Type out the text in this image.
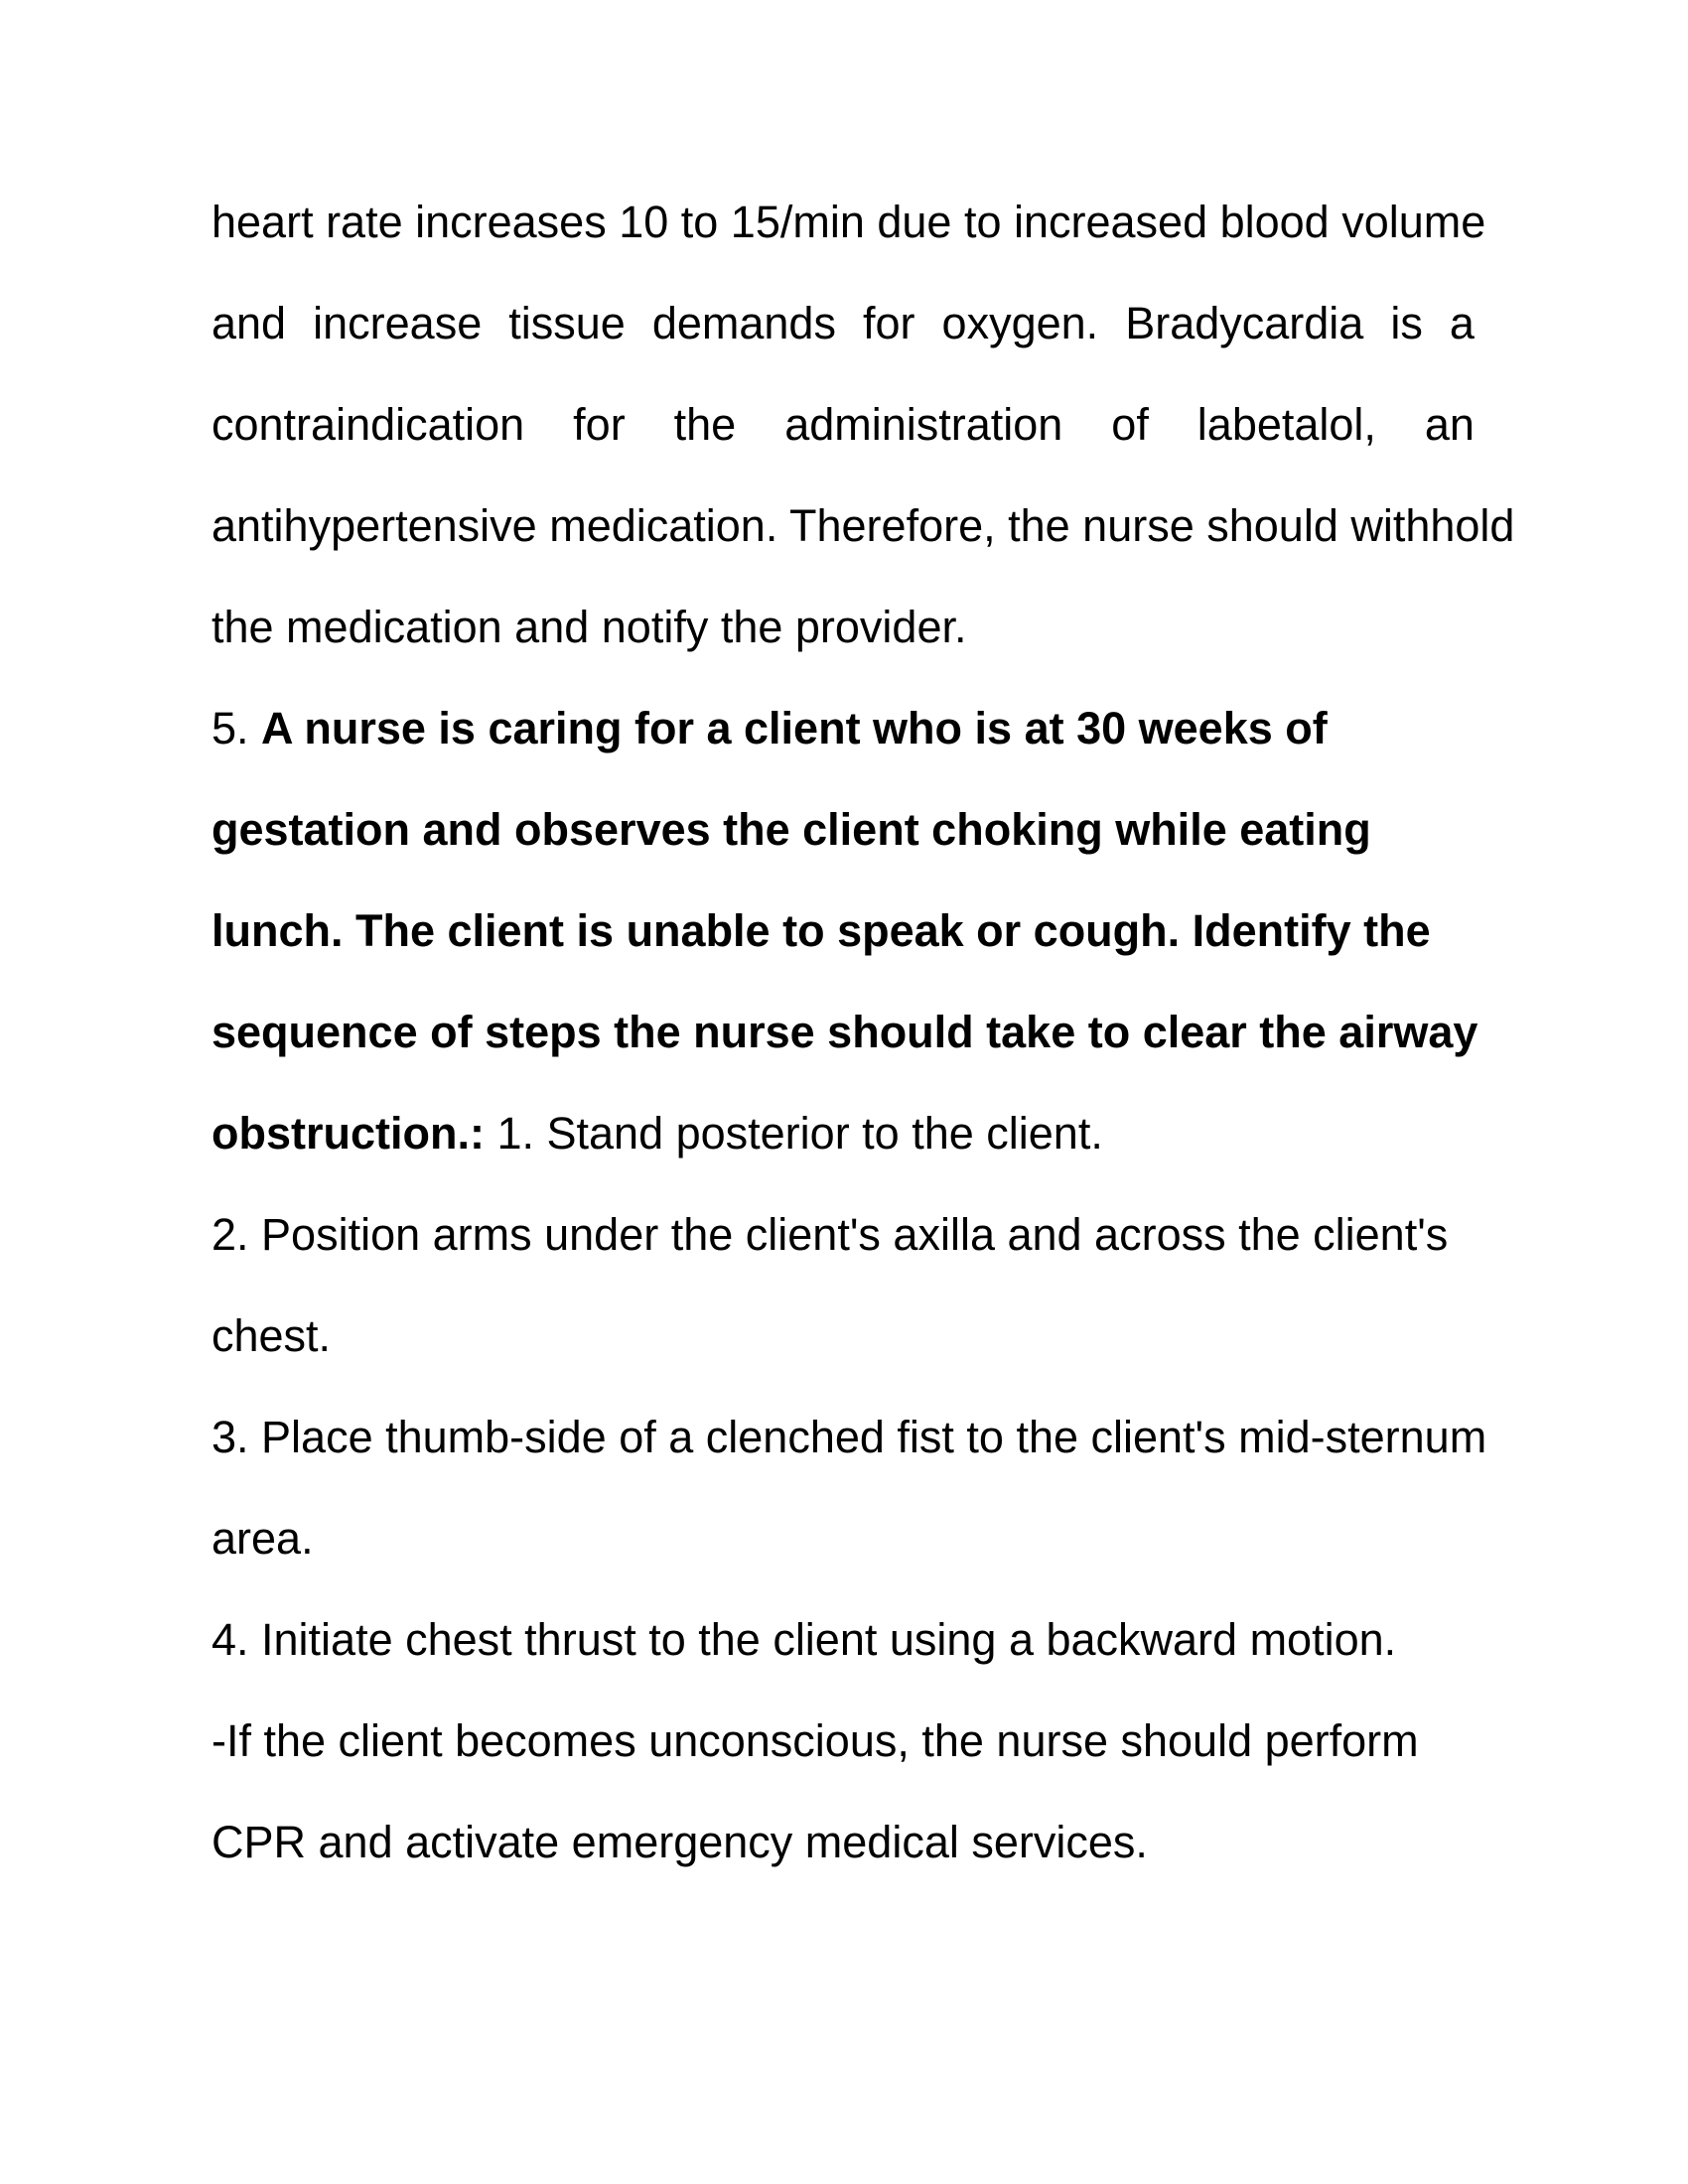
heart rate increases 10 to 15/min due to increased blood volume

and increase tissue demands for oxygen. Bradycardia is a

contraindication for the administration of labetalol, an

antihypertensive medication. Therefore, the nurse should withhold

the medication and notify the provider.

5. A nurse is caring for a client who is at 30 weeks of

gestation and observes the client choking while eating

lunch. The client is unable to speak or cough. Identify the

sequence of steps the nurse should take to clear the airway

obstruction.: 1. Stand posterior to the client.

2. Position arms under the client's axilla and across the client's

chest.

3. Place thumb-side of a clenched fist to the client's mid-sternum

area.

4. Initiate chest thrust to the client using a backward motion.

-If the client becomes unconscious, the nurse should perform

CPR and activate emergency medical services.
